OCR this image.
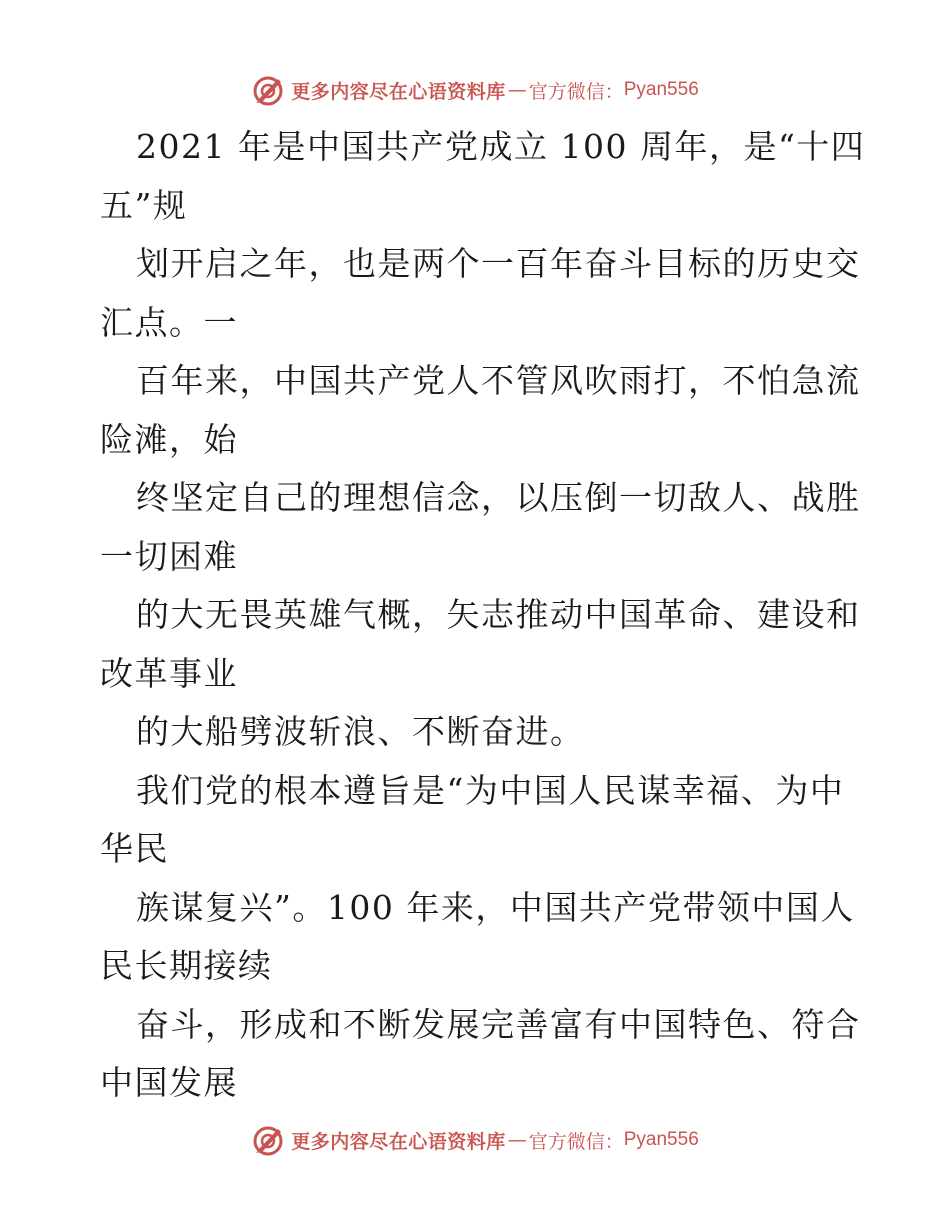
更多内容尽在心语资料库 — 官方微信： Pyan556
2021 年是中国共产党成立 100 周年，是“十四
五”规
划开启之年，也是两个一百年奋斗目标的历史交
汇点。一
百年来，中国共产党人不管风吹雨打，不怕急流
险滩，始
终坚定自己的理想信念，以压倒一切敌人、战胜
一切困难
的大无畏英雄气概，矢志推动中国革命、建设和
改革事业
的大船劈波斩浪、不断奋进。
我们党的根本遵旨是“为中国人民谋幸福、为中
华民
族谋复兴”。100 年来，中国共产党带领中国人
民长期接续
奋斗，形成和不断发展完善富有中国特色、符合
中国发展
更多内容尽在心语资料库 — 官方微信： Pyan556
